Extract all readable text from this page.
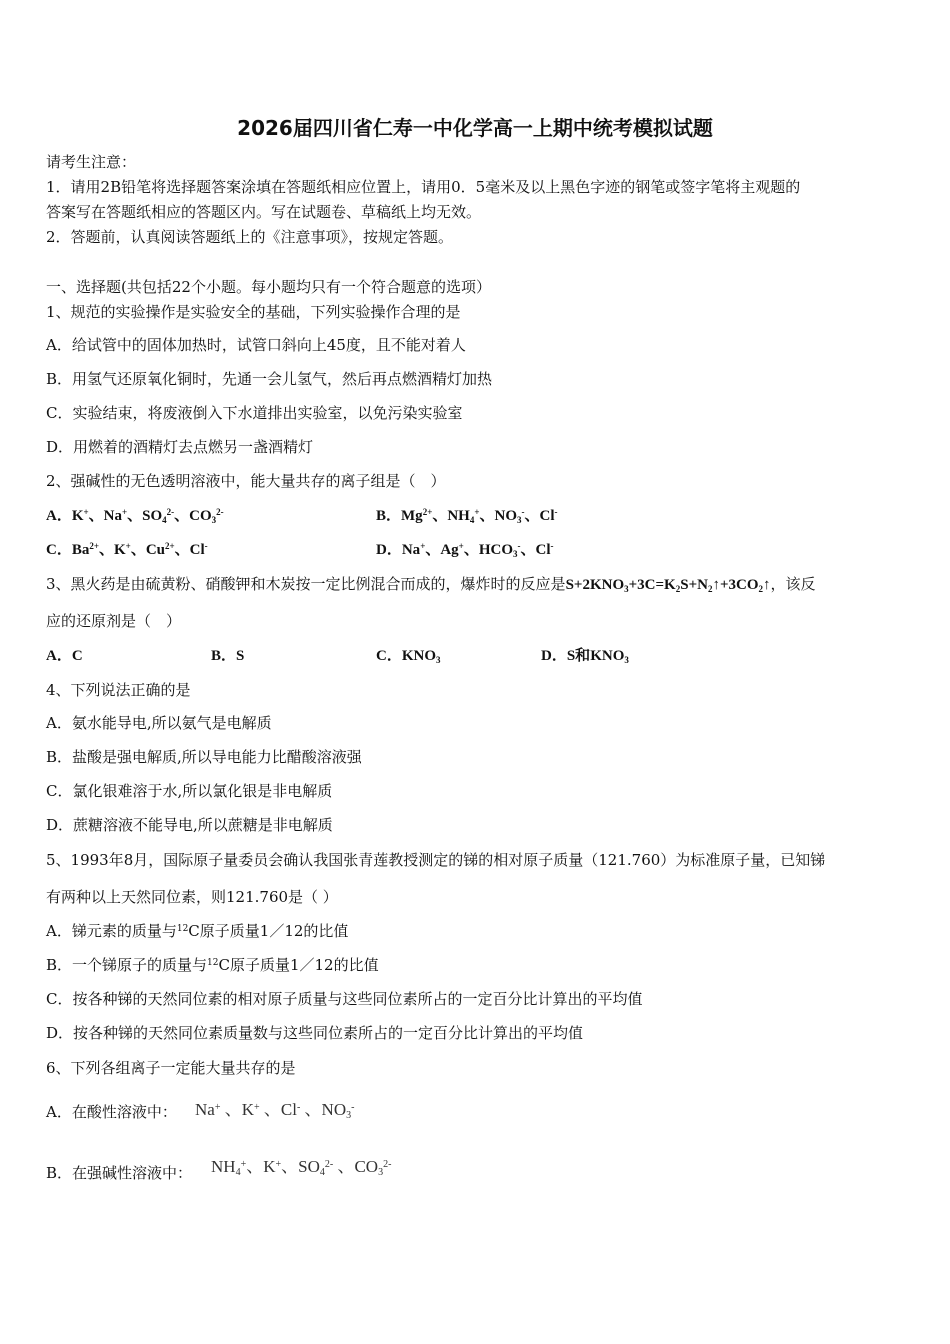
2026届四川省仁寿一中化学高一上期中统考模拟试题
请考生注意：
1．请用2B铅笔将选择题答案涂填在答题纸相应位置上，请用0．5毫米及以上黑色字迹的钢笔或签字笔将主观题的
答案写在答题纸相应的答题区内。写在试题卷、草稿纸上均无效。
2．答题前，认真阅读答题纸上的《注意事项》，按规定答题。
一、选择题(共包括22个小题。每小题均只有一个符合题意的选项）
1、规范的实验操作是实验安全的基础，下列实验操作合理的是
A．给试管中的固体加热时，试管口斜向上45度，且不能对着人
B．用氢气还原氧化铜时，先通一会儿氢气，然后再点燃酒精灯加热
C．实验结束，将废液倒入下水道排出实验室，以免污染实验室
D．用燃着的酒精灯去点燃另一盏酒精灯
2、强碱性的无色透明溶液中，能大量共存的离子组是（　）
A．K+、Na+、$SO_4^{2-}$、$CO_3^{2-}$	B．$Mg^{2+}$、$NH_4^+$、$NO_3^-$、Cl-
C．$Ba^{2+}$、K+、$Cu^{2+}$、Cl-	D．Na+、Ag+、$HCO_3^-$、Cl-
3、黑火药是由硫黄粉、硝酸钾和木炭按一定比例混合而成的，爆炸时的反应是$S+2KNO_3+3C=K_2S+N_2↑+3CO_2↑$，该反
应的还原剂是（　）
A．C	B．S	C．$KNO_3$	D．S和$KNO_3$
4、下列说法正确的是
A．氨水能导电,所以氨气是电解质
B．盐酸是强电解质,所以导电能力比醋酸溶液强
C．氯化银难溶于水,所以氯化银是非电解质
D．蔗糖溶液不能导电,所以蔗糖是非电解质
5、1993年8月，国际原子量委员会确认我国张青莲教授测定的锑的相对原子质量（121.760）为标准原子量，已知锑
有两种以上天然同位素，则121.760是（ ）
A．锑元素的质量与$^{12}$C原子质量1／12的比值
B．一个锑原子的质量与$^{12}$C原子质量1／12的比值
C．按各种锑的天然同位素的相对原子质量与这些同位素所占的一定百分比计算出的平均值
D．按各种锑的天然同位素质量数与这些同位素所占的一定百分比计算出的平均值
6、下列各组离子一定能大量共存的是
A．在酸性溶液中： Na+ 、K+ 、Cl- 、$NO_3^-$
B．在强碱性溶液中： $NH_4^+$、K+、$SO_4^{2-}$ 、$CO_3^{2-}$
